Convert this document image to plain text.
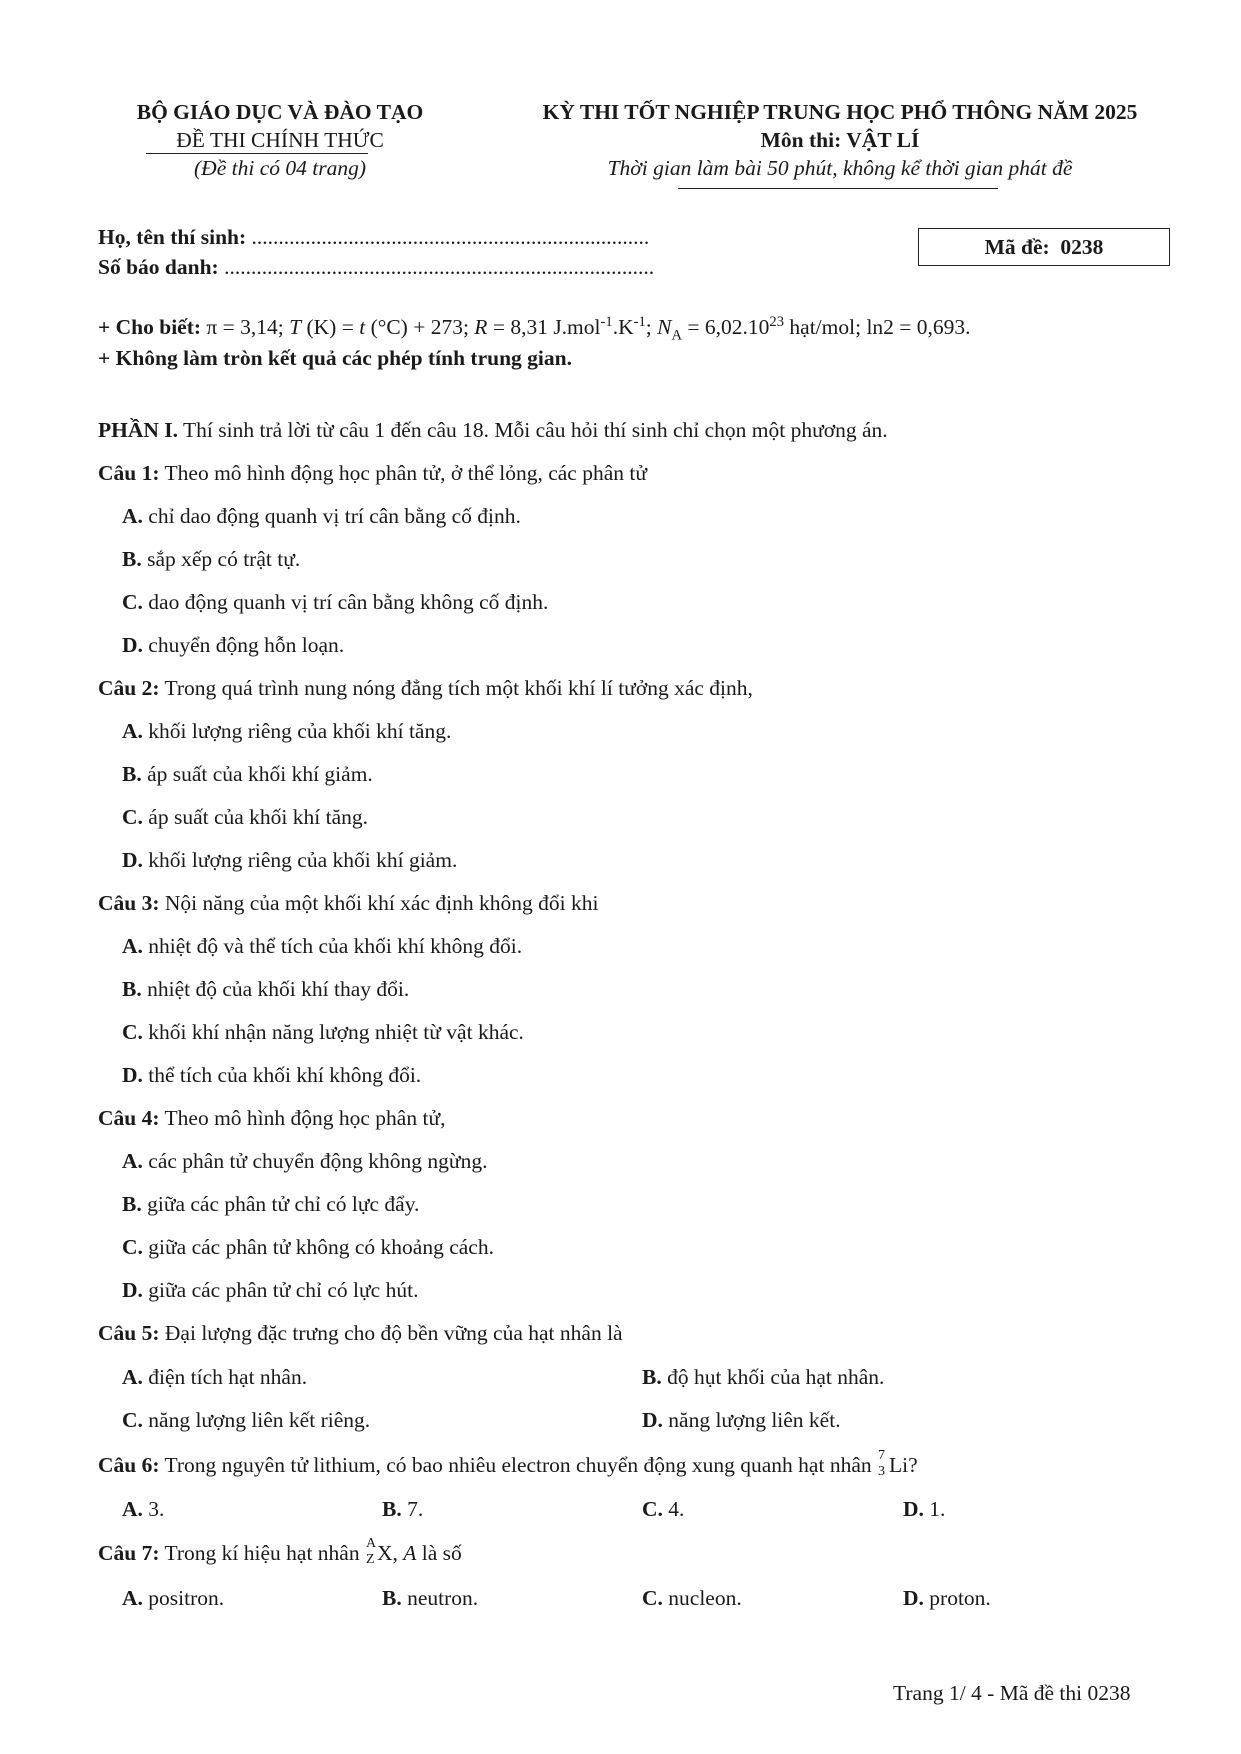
BỘ GIÁO DỤC VÀ ĐÀO TẠO
ĐỀ THI CHÍNH THỨC
(Đề thi có 04 trang)
KỲ THI TỐT NGHIỆP TRUNG HỌC PHỔ THÔNG NĂM 2025
Môn thi: VẬT LÍ
Thời gian làm bài 50 phút, không kể thời gian phát đề
Họ, tên thí sinh: ..........................................................................
Số báo danh: ................................................................................
Mã đề: 0238
+ Cho biết: π = 3,14; T (K) = t (°C) + 273; R = 8,31 $J.mol^{-1}.K^{-1}$; $N_A = 6,02.10^{23}$ hạt/mol; ln2 = 0,693.
+ Không làm tròn kết quả các phép tính trung gian.
PHẦN I. Thí sinh trả lời từ câu 1 đến câu 18. Mỗi câu hỏi thí sinh chỉ chọn một phương án.
Câu 1: Theo mô hình động học phân tử, ở thể lỏng, các phân tử
A. chỉ dao động quanh vị trí cân bằng cố định.
B. sắp xếp có trật tự.
C. dao động quanh vị trí cân bằng không cố định.
D. chuyển động hỗn loạn.
Câu 2: Trong quá trình nung nóng đẳng tích một khối khí lí tưởng xác định,
A. khối lượng riêng của khối khí tăng.
B. áp suất của khối khí giảm.
C. áp suất của khối khí tăng.
D. khối lượng riêng của khối khí giảm.
Câu 3: Nội năng của một khối khí xác định không đổi khi
A. nhiệt độ và thể tích của khối khí không đổi.
B. nhiệt độ của khối khí thay đổi.
C. khối khí nhận năng lượng nhiệt từ vật khác.
D. thể tích của khối khí không đổi.
Câu 4: Theo mô hình động học phân tử,
A. các phân tử chuyển động không ngừng.
B. giữa các phân tử chỉ có lực đẩy.
C. giữa các phân tử không có khoảng cách.
D. giữa các phân tử chỉ có lực hút.
Câu 5: Đại lượng đặc trưng cho độ bền vững của hạt nhân là
A. điện tích hạt nhân.	B. độ hụt khối của hạt nhân.
C. năng lượng liên kết riêng.	D. năng lượng liên kết.
Câu 6: Trong nguyên tử lithium, có bao nhiêu electron chuyển động xung quanh hạt nhân 7
3 Li?
A. 3.	B. 7.	C. 4.	D. 1.
Câu 7: Trong kí hiệu hạt nhân A
Z X, A là số
A. positron.	B. neutron.	C. nucleon.	D. proton.
Trang 1/ 4 - Mã đề thi 0238
